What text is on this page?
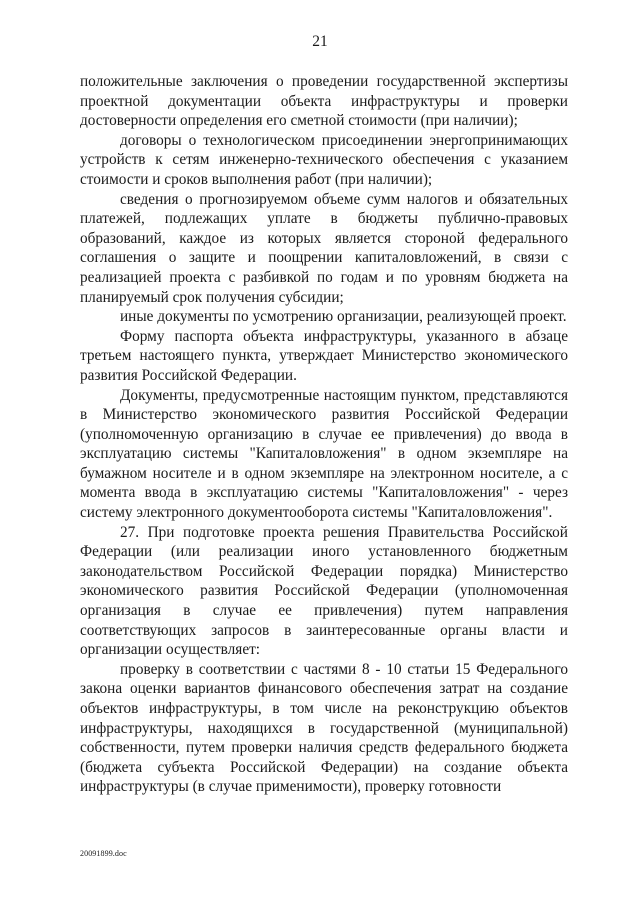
21

положительные заключения о проведении государственной экспертизы проектной документации объекта инфраструктуры и проверки достоверности определения его сметной стоимости (при наличии);

договоры о технологическом присоединении энергопринимающих устройств к сетям инженерно-технического обеспечения с указанием стоимости и сроков выполнения работ (при наличии);

сведения о прогнозируемом объеме сумм налогов и обязательных платежей, подлежащих уплате в бюджеты публично-правовых образований, каждое из которых является стороной федерального соглашения о защите и поощрении капиталовложений, в связи с реализацией проекта с разбивкой по годам и по уровням бюджета на планируемый срок получения субсидии;

иные документы по усмотрению организации, реализующей проект.

Форму паспорта объекта инфраструктуры, указанного в абзаце третьем настоящего пункта, утверждает Министерство экономического развития Российской Федерации.

Документы, предусмотренные настоящим пунктом, представляются в Министерство экономического развития Российской Федерации (уполномоченную организацию в случае ее привлечения) до ввода в эксплуатацию системы "Капиталовложения" в одном экземпляре на бумажном носителе и в одном экземпляре на электронном носителе, а с момента ввода в эксплуатацию системы "Капиталовложения" - через систему электронного документооборота системы "Капиталовложения".

27. При подготовке проекта решения Правительства Российской Федерации (или реализации иного установленного бюджетным законодательством Российской Федерации порядка) Министерство экономического развития Российской Федерации (уполномоченная организация в случае ее привлечения) путем направления соответствующих запросов в заинтересованные органы власти и организации осуществляет:

проверку в соответствии с частями 8 - 10 статьи 15 Федерального закона оценки вариантов финансового обеспечения затрат на создание объектов инфраструктуры, в том числе на реконструкцию объектов инфраструктуры, находящихся в государственной (муниципальной) собственности, путем проверки наличия средств федерального бюджета (бюджета субъекта Российской Федерации) на создание объекта инфраструктуры (в случае применимости), проверку готовности

20091899.doc
